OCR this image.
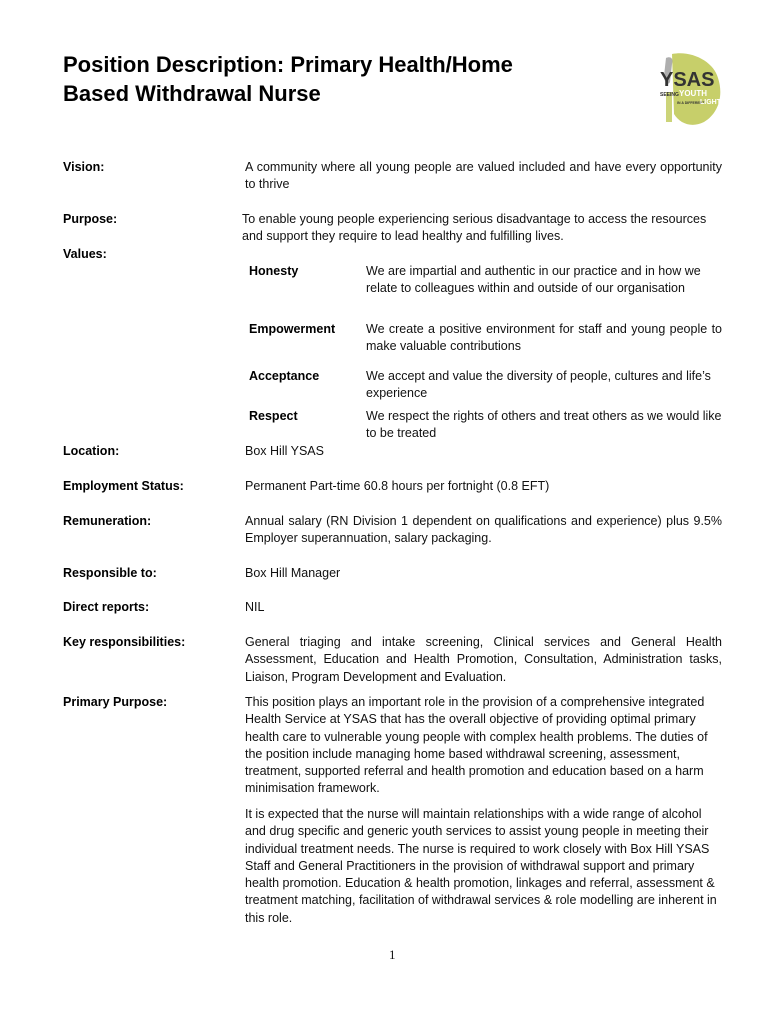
Position Description: Primary Health/Home
Based Withdrawal Nurse
YSAS
SEEING YOUTH
IN A DIFFERENT
LIGHT
Vision:	A community where all young people are valued included and have every opportunity to thrive
Purpose:	To enable young people experiencing serious disadvantage to access the resources and support they require to lead healthy and fulfilling lives.
Values:
Honesty	We are impartial and authentic in our practice and in how we relate to colleagues within and outside of our organisation
Empowerment We create a positive environment for staff and young people to make valuable contributions
Acceptance	We accept and value the diversity of people, cultures and life’s experience
Respect	We respect the rights of others and treat others as we would like to be treated
Location:	Box Hill YSAS
Employment Status:	Permanent Part-time 60.8 hours per fortnight (0.8 EFT)
Remuneration:	Annual salary (RN Division 1 dependent on qualifications and experience) plus 9.5% Employer superannuation, salary packaging.
Responsible to:	Box Hill Manager
Direct reports:	NIL
Key responsibilities:	General triaging and intake screening, Clinical services and General Health Assessment, Education and Health Promotion, Consultation, Administration tasks, Liaison, Program Development and Evaluation.
Primary Purpose:	This position plays an important role in the provision of a comprehensive integrated Health Service at YSAS that has the overall objective of providing optimal primary health care to vulnerable young people with complex health problems. The duties of the position include managing home based withdrawal screening, assessment, treatment, supported referral and health promotion and education based on a harm minimisation framework.
It is expected that the nurse will maintain relationships with a wide range of alcohol and drug specific and generic youth services to assist young people in meeting their individual treatment needs. The nurse is required to work closely with Box Hill YSAS Staff and General Practitioners in the provision of withdrawal support and primary health promotion. Education & health promotion, linkages and referral, assessment & treatment matching, facilitation of withdrawal services & role modelling are inherent in this role.
1
